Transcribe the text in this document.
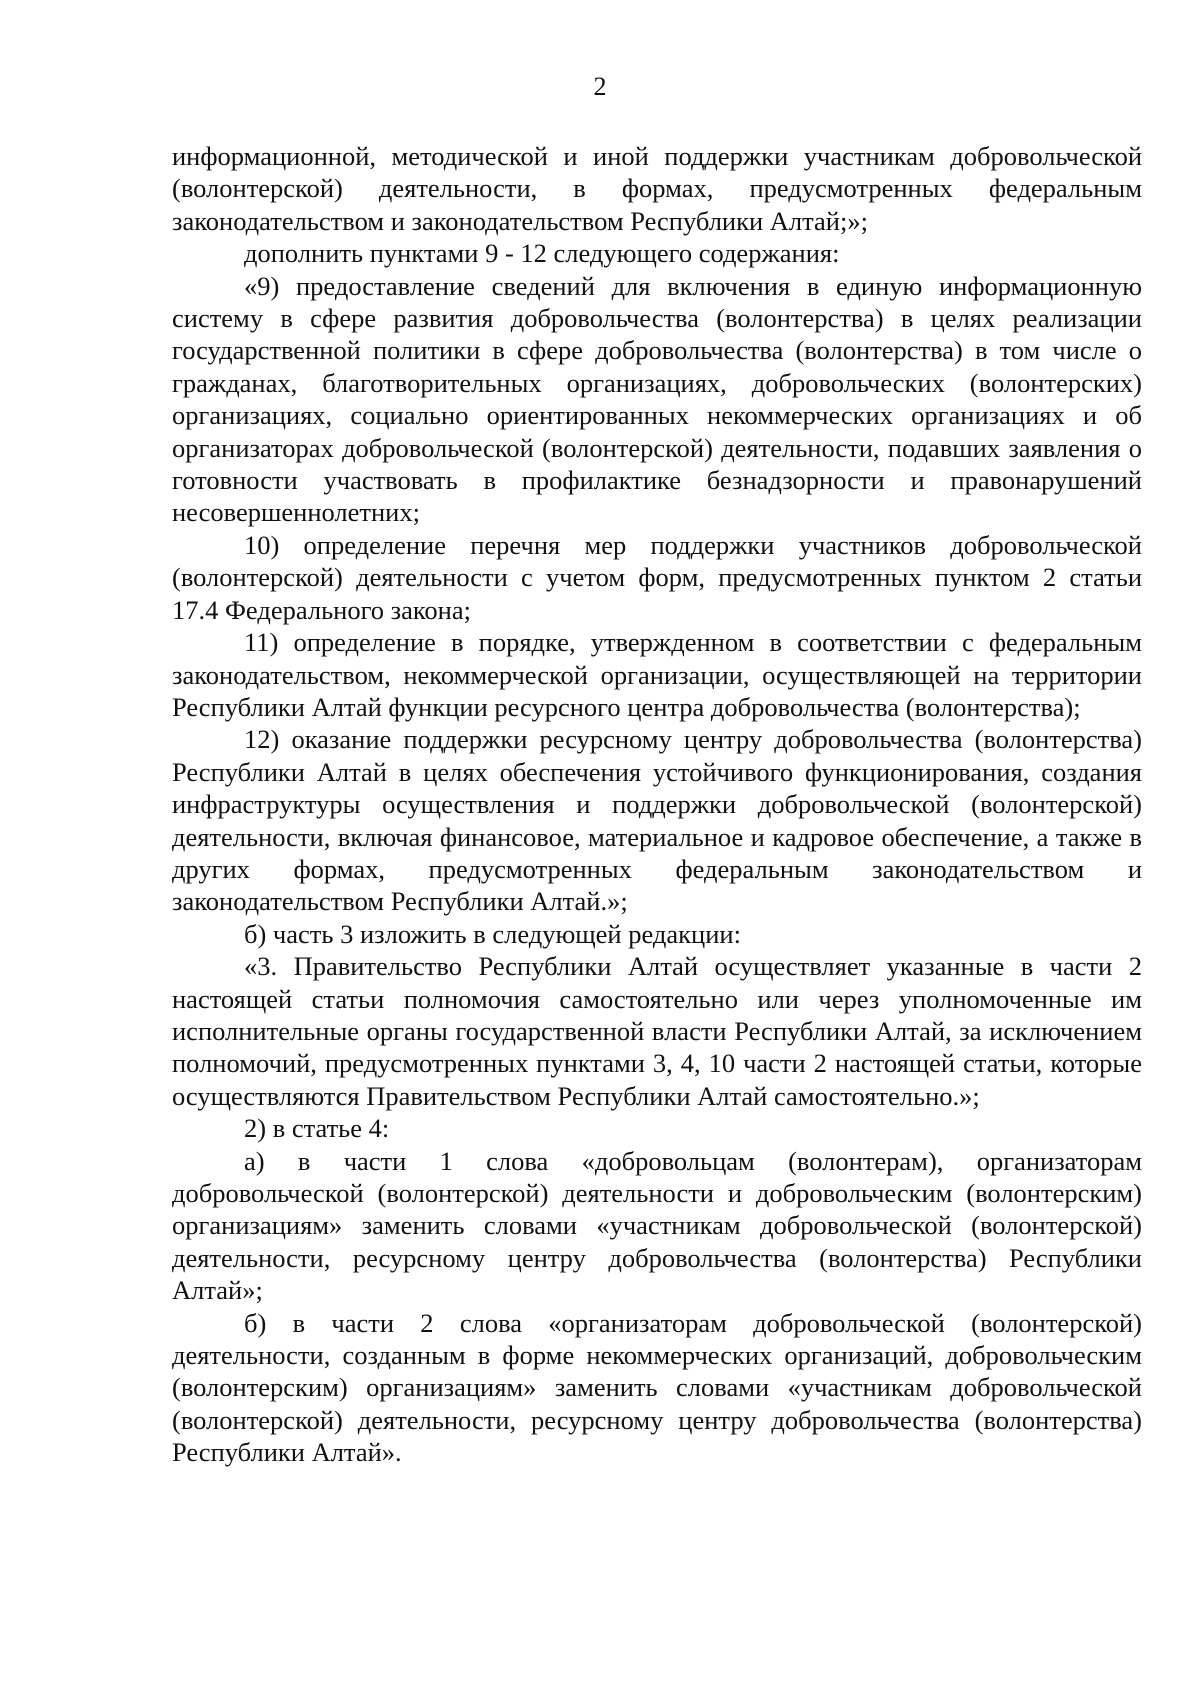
2

информационной, методической и иной поддержки участникам добровольческой (волонтерской) деятельности, в формах, предусмотренных федеральным законодательством и законодательством Республики Алтай;»;

дополнить пунктами 9 - 12 следующего содержания:

«9) предоставление сведений для включения в единую информационную систему в сфере развития добровольчества (волонтерства) в целях реализации государственной политики в сфере добровольчества (волонтерства) в том числе о гражданах, благотворительных организациях, добровольческих (волонтерских) организациях, социально ориентированных некоммерческих организациях и об организаторах добровольческой (волонтерской) деятельности, подавших заявления о готовности участвовать в профилактике безнадзорности и правонарушений несовершеннолетних;

10) определение перечня мер поддержки участников добровольческой (волонтерской) деятельности с учетом форм, предусмотренных пунктом 2 статьи 17.4 Федерального закона;

11) определение в порядке, утвержденном в соответствии с федеральным законодательством, некоммерческой организации, осуществляющей на территории Республики Алтай функции ресурсного центра добровольчества (волонтерства);

12) оказание поддержки ресурсному центру добровольчества (волонтерства) Республики Алтай в целях обеспечения устойчивого функционирования, создания инфраструктуры осуществления и поддержки добровольческой (волонтерской) деятельности, включая финансовое, материальное и кадровое обеспечение, а также в других формах, предусмотренных федеральным законодательством и законодательством Республики Алтай.»;

б) часть 3 изложить в следующей редакции:

«3. Правительство Республики Алтай осуществляет указанные в части 2 настоящей статьи полномочия самостоятельно или через уполномоченные им исполнительные органы государственной власти Республики Алтай, за исключением полномочий, предусмотренных пунктами 3, 4, 10 части 2 настоящей статьи, которые осуществляются Правительством Республики Алтай самостоятельно.»;

2) в статье 4:

а) в части 1 слова «добровольцам (волонтерам), организаторам добровольческой (волонтерской) деятельности и добровольческим (волонтерским) организациям» заменить словами «участникам добровольческой (волонтерской) деятельности, ресурсному центру добровольчества (волонтерства) Республики Алтай»;

б) в части 2 слова «организаторам добровольческой (волонтерской) деятельности, созданным в форме некоммерческих организаций, добровольческим (волонтерским) организациям» заменить словами «участникам добровольческой (волонтерской) деятельности, ресурсному центру добровольчества (волонтерства) Республики Алтай».
